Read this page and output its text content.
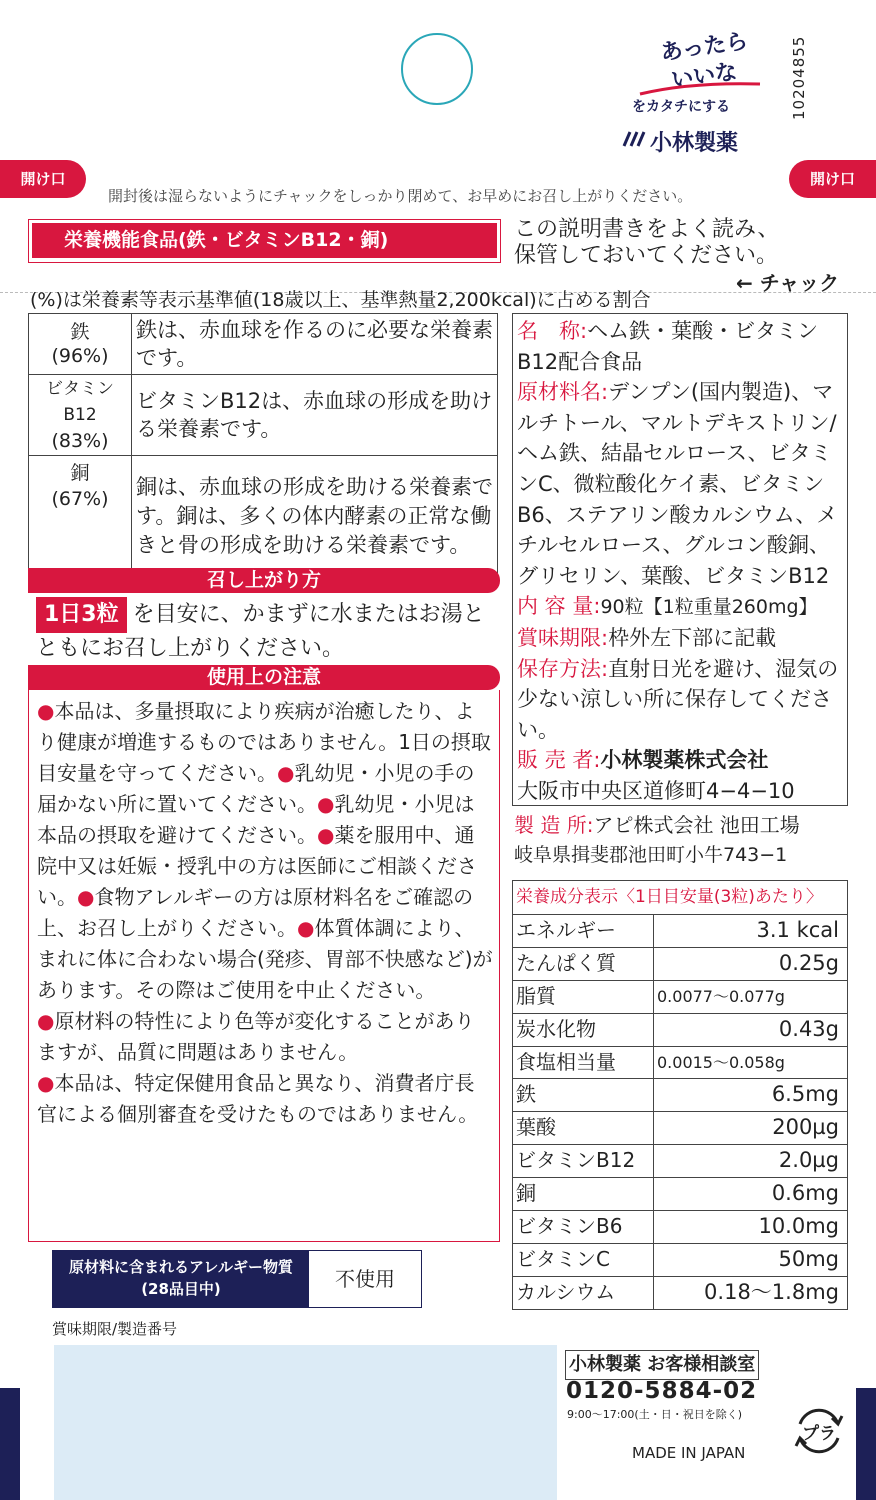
あったら
いいな
をカタチにする
小林製薬
10204855
開け口	開け口
開封後は湿らないようにチャックをしっかり閉めて、お早めにお召し上がりください。
栄養機能食品(鉄・ビタミンB12・銅)	この説明書きをよく読み、
保管しておいてください。
← チャック
(%)は栄養素等表示基準値(18歳以上、基準熱量2,200kcal)に占める割合
鉄
(96%)	鉄は、赤血球を作るのに必要な栄養素です。

ビタミンB12
(83%)	ビタミンB12は、赤血球の形成を助ける栄養素です。

銅
(67%)	銅は、赤血球の形成を助ける栄養素です。銅は、多くの体内酵素の正常な働きと骨の形成を助ける栄養素です。
召し上がり方
1日3粒 を目安に、かまずに水またはお湯とともにお召し上がりください。
使用上の注意
●本品は、多量摂取により疾病が治癒したり、より健康が増進するものではありません。1日の摂取目安量を守ってください。●乳幼児・小児の手の届かない所に置いてください。●乳幼児・小児は本品の摂取を避けてください。●薬を服用中、通院中又は妊娠・授乳中の方は医師にご相談ください。●食物アレルギーの方は原材料名をご確認の上、お召し上がりください。●体質体調により、まれに体に合わない場合(発疹、胃部不快感など)があります。その際はご使用を中止ください。
●原材料の特性により色等が変化することがありますが、品質に問題はありません。
●本品は、特定保健用食品と異なり、消費者庁長官による個別審査を受けたものではありません。
原材料に含まれるアレルギー物質(28品目中)	不使用
賞味期限/製造番号
名　称:ヘム鉄・葉酸・ビタミンB12配合食品
原材料名:デンプン(国内製造)、マルチトール、マルトデキストリン/ヘム鉄、結晶セルロース、ビタミンC、微粒酸化ケイ素、ビタミンB6、ステアリン酸カルシウム、メチルセルロース、グルコン酸銅、グリセリン、葉酸、ビタミンB12
内 容 量:90粒【1粒重量260mg】
賞味期限:枠外左下部に記載
保存方法:直射日光を避け、湿気の少ない涼しい所に保存してください。
販 売 者:小林製薬株式会社
大阪市中央区道修町4−4−10
製 造 所:アピ株式会社 池田工場
岐阜県揖斐郡池田町小牛743−1
栄養成分表示〈1日目安量(3粒)あたり〉
エネルギー	3.1 kcal
たんぱく質	0.25g
脂質	0.0077〜0.077g
炭水化物	0.43g
食塩相当量	0.0015〜0.058g
鉄	6.5mg
葉酸	200µg
ビタミンB12	2.0µg
銅	0.6mg
ビタミンB6	10.0mg
ビタミンC	50mg
カルシウム	0.18〜1.8mg
小林製薬 お客様相談室
0120-5884-02
9:00〜17:00(土・日・祝日を除く)
プラ
MADE IN JAPAN
